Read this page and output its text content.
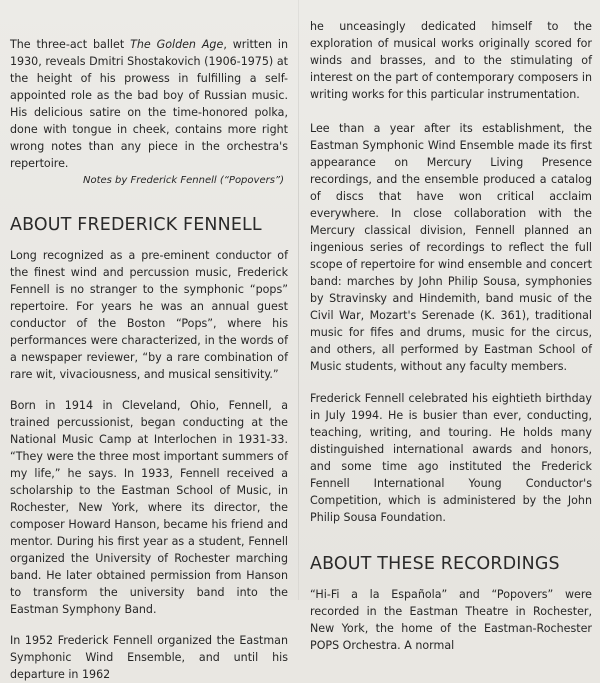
The three-act ballet The Golden Age, written in 1930, reveals Dmitri Shostakovich (1906-1975) at the height of his prowess in fulfilling a self-appointed role as the bad boy of Russian music. His delicious satire on the time-honored polka, done with tongue in cheek, contains more right wrong notes than any piece in the orchestra's repertoire.

Notes by Frederick Fennell (“Popovers”)
ABOUT FREDERICK FENNELL

Long recognized as a pre-eminent conductor of the finest wind and percussion music, Frederick Fennell is no stranger to the symphonic “pops” repertoire. For years he was an annual guest conductor of the Boston “Pops”, where his performances were characterized, in the words of a newspaper reviewer, “by a rare combination of rare wit, vivaciousness, and musical sensitivity.”

Born in 1914 in Cleveland, Ohio, Fennell, a trained percussionist, began conducting at the National Music Camp at Interlochen in 1931-33. “They were the three most important summers of my life,” he says. In 1933, Fennell received a scholarship to the Eastman School of Music, in Rochester, New York, where its director, the composer Howard Hanson, became his friend and mentor. During his first year as a student, Fennell organized the University of Rochester marching band. He later obtained permission from Hanson to transform the university band into the Eastman Symphony Band.

In 1952 Frederick Fennell organized the Eastman Symphonic Wind Ensemble, and until his departure in 1962

he unceasingly dedicated himself to the exploration of musical works originally scored for winds and brasses, and to the stimulating of interest on the part of contemporary composers in writing works for this particular instrumentation.

Lee than a year after its establishment, the Eastman Symphonic Wind Ensemble made its first appearance on Mercury Living Presence recordings, and the ensemble produced a catalog of discs that have won critical acclaim everywhere. In close collaboration with the Mercury classical division, Fennell planned an ingenious series of recordings to reflect the full scope of repertoire for wind ensemble and concert band: marches by John Philip Sousa, symphonies by Stravinsky and Hindemith, band music of the Civil War, Mozart's Serenade (K. 361), traditional music for fifes and drums, music for the circus, and others, all performed by Eastman School of Music students, without any faculty members.

Frederick Fennell celebrated his eightieth birthday in July 1994. He is busier than ever, conducting, teaching, writing, and touring. He holds many distinguished international awards and honors, and some time ago instituted the Frederick Fennell International Young Conductor's Competition, which is administered by the John Philip Sousa Foundation.

ABOUT THESE RECORDINGS

“Hi-Fi a la Española” and “Popovers” were recorded in the Eastman Theatre in Rochester, New York, the home of the Eastman-Rochester POPS Orchestra. A normal
